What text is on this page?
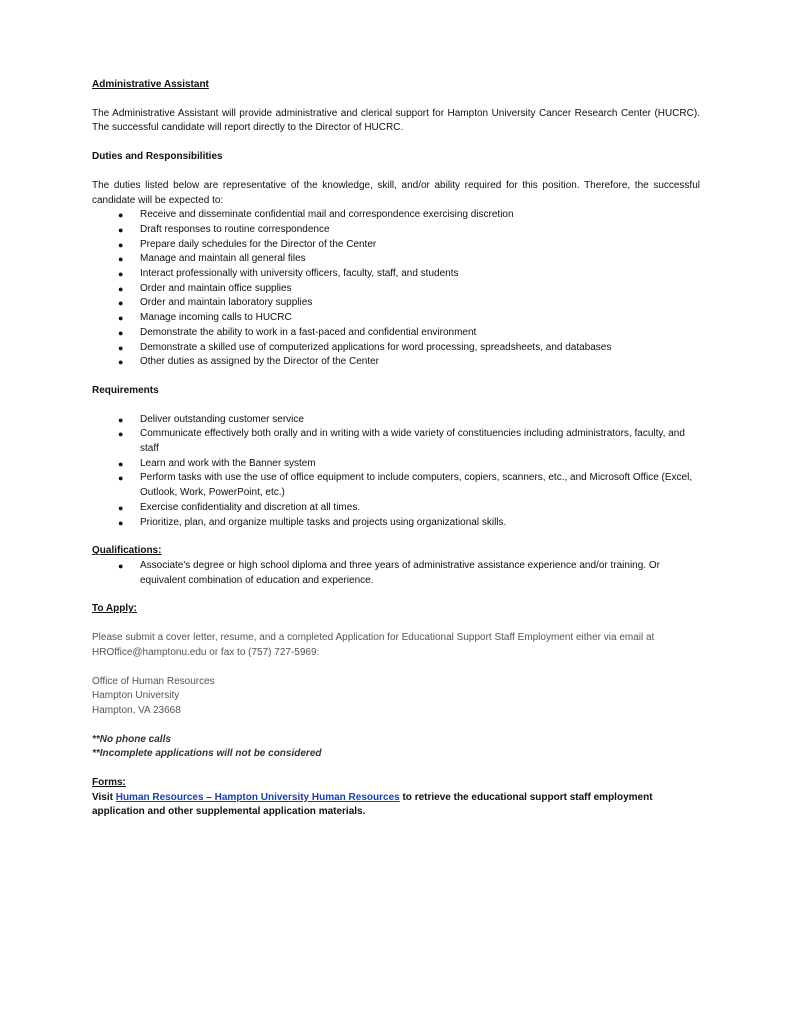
Administrative Assistant

The Administrative Assistant will provide administrative and clerical support for Hampton University Cancer Research Center (HUCRC). The successful candidate will report directly to the Director of HUCRC.

Duties and Responsibilities

The duties listed below are representative of the knowledge, skill, and/or ability required for this position. Therefore, the successful candidate will be expected to:

● Receive and disseminate confidential mail and correspondence exercising discretion
● Draft responses to routine correspondence
● Prepare daily schedules for the Director of the Center
● Manage and maintain all general files
● Interact professionally with university officers, faculty, staff, and students
● Order and maintain office supplies
● Order and maintain laboratory supplies
● Manage incoming calls to HUCRC
● Demonstrate the ability to work in a fast-paced and confidential environment
● Demonstrate a skilled use of computerized applications for word processing, spreadsheets, and databases
● Other duties as assigned by the Director of the Center

Requirements

● Deliver outstanding customer service
● Communicate effectively both orally and in writing with a wide variety of constituencies including administrators, faculty, and staff
● Learn and work with the Banner system
● Perform tasks with use the use of office equipment to include computers, copiers, scanners, etc., and Microsoft Office (Excel, Outlook, Work, PowerPoint, etc.)
● Exercise confidentiality and discretion at all times.
● Prioritize, plan, and organize multiple tasks and projects using organizational skills.

Qualifications:

● Associate's degree or high school diploma and three years of administrative assistance experience and/or training. Or equivalent combination of education and experience.

To Apply:

Please submit a cover letter, resume, and a completed Application for Educational Support Staff Employment either via email at HROffice@hamptonu.edu or fax to (757) 727-5969:

Office of Human Resources

Hampton University

Hampton, VA 23668

**No phone calls

**Incomplete applications will not be considered

Forms:

Visit Human Resources – Hampton University Human Resources to retrieve the educational support staff employment application and other supplemental application materials.
